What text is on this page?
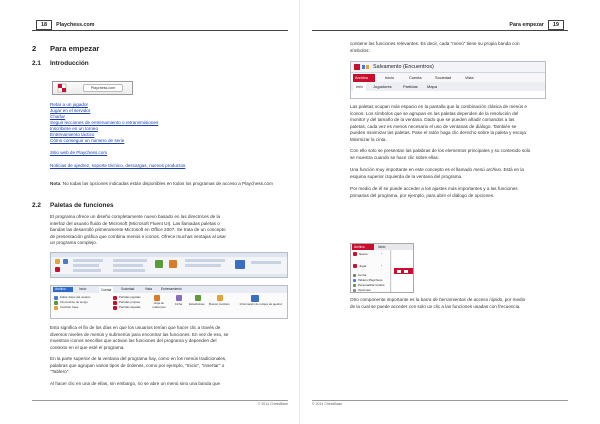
18	Playchess.com
2 Para empezar
2.1 Introducción
Playchess.com
Retar a un jugador
Jugar en el servidor
Charlar
Seguir lecciones de entrenamiento o retransmisiones
Inscribirse en un torneo
Entrenamiento táctico
Cómo conseguir un número de serie
Sitio web de Playchess.com
Noticias de ajedrez, soporte técnico, descargas, nuevos productos
Nota: No todas las opciones indicadas están disponibles en todos los programas de acceso a Playchess.com
2.2 Paletas de funciones
El programa ofrece un diseño completamente nuevo basado en las directrices de la
interfaz del usuario fluido de Microsoft (Microsoft Fluent UI). Las llamadas paletas o
bandas las desarrolló primeramente Microsoft en Office 2007. Se trata de un concepto
de presentación gráfica que combina menús e iconos. Ofrece muchas ventajas al usar
un programa complejo.
Archivo	Inicio	Cuenta	Sociedad	Vista	Entrenamiento
Editar datos del usuario
Información de amigo
Cambiar clave
Partidas jugadas
Partidas propias
Partidas dejadas
Hoja de relaciones
Ficha Estadísticas Buscar cambios	Información de relojes de ajedrez
Esto significa el fin de los días en que los usuarios tenían que hacer clic a través de
diversos niveles de menús y submenús para encontrar las funciones. En vez de eso, se
muestran iconos sencillos que activan las funciones del programa y dependen del
contexto en el que esté el programa.
En la parte superior de la ventana del programa hay, como en los menús tradicionales,
palabras que agrupan varios tipos de órdenes, como por ejemplo, "Inicio", "Insertar" o
"Tablero".
Al hacer clic en una de ellas, sin embargo, no se abre un menú sino una banda que
© 2014 ChessBase
Para empezar	19
contiene las funciones relevantes. Es decir, cada "menú" tiene su propia banda con
símbolos:
Salvamento (Encuentros)
Archivo	Inicio	Cuenta	Sociedad	Vista
Info	Jugadores	Partidas Mapa
Las paletas ocupan más espacio en la pantalla que la combinación clásica de menús e
iconos. Los símbolos que se agrupan en las paletas dependen de la resolución del
monitor y del tamaño de la ventana. Dado que se pueden añadir comandos a las
paletas, cada vez es menos necesario el uso de ventanas de diálogo. También se
pueden minimizar las paletas. Pase el ratón haga clic derecho sobre la paleta y escoja
Minimizar la cinta.
Con ello solo se presentan las palabras de los elementos principales y su contenido solo
se muestra cuando se hace clic sobre ellas.
Una función muy importante en este concepto es el llamado menú archivo. Está en la
esquina superior izquierda de la ventana del programa.
Por medio de él se puede acceder a los ajustes más importantes y a las funciones
primarias del programa, por ejemplo, para abrir el diálogo de opciones.
Archivo	Inicio
Nuevo	›
Jugar	›
Cerrar
Tablero Playchess
Personalizar fondos
Opciones
Otro componente importante es la barra de herramientas de acceso rápido, por medio
de la cual se puede acceder con solo un clic a las funciones usadas con frecuencia.
© 2014 ChessBase
